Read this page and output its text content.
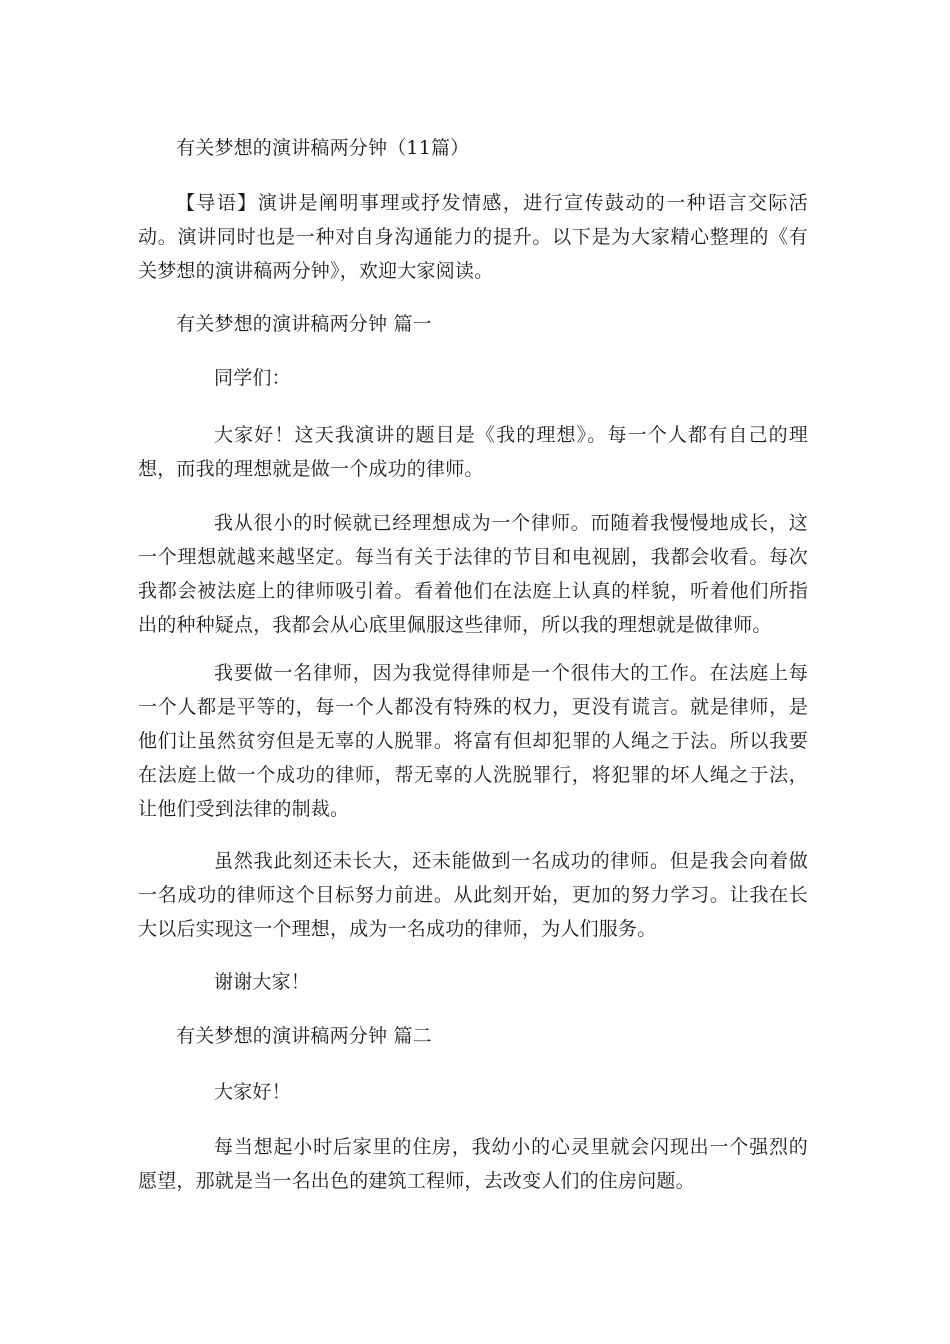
有关梦想的演讲稿两分钟（11篇）
【导语】演讲是阐明事理或抒发情感，进行宣传鼓动的一种语言交际活动。演讲同时也是一种对自身沟通能力的提升。以下是为大家精心整理的《有关梦想的演讲稿两分钟》，欢迎大家阅读。
有关梦想的演讲稿两分钟 篇一
同学们：
大家好！这天我演讲的题目是《我的理想》。每一个人都有自己的理想，而我的理想就是做一个成功的律师。
我从很小的时候就已经理想成为一个律师。而随着我慢慢地成长，这一个理想就越来越坚定。每当有关于法律的节目和电视剧，我都会收看。每次我都会被法庭上的律师吸引着。看着他们在法庭上认真的样貌，听着他们所指出的种种疑点，我都会从心底里佩服这些律师，所以我的理想就是做律师。
我要做一名律师，因为我觉得律师是一个很伟大的工作。在法庭上每一个人都是平等的，每一个人都没有特殊的权力，更没有谎言。就是律师，是他们让虽然贫穷但是无辜的人脱罪。将富有但却犯罪的人绳之于法。所以我要在法庭上做一个成功的律师，帮无辜的人洗脱罪行，将犯罪的坏人绳之于法，让他们受到法律的制裁。
虽然我此刻还未长大，还未能做到一名成功的律师。但是我会向着做一名成功的律师这个目标努力前进。从此刻开始，更加的努力学习。让我在长大以后实现这一个理想，成为一名成功的律师，为人们服务。
谢谢大家！
有关梦想的演讲稿两分钟 篇二
大家好！
每当想起小时后家里的住房，我幼小的心灵里就会闪现出一个强烈的愿望，那就是当一名出色的建筑工程师，去改变人们的住房问题。
